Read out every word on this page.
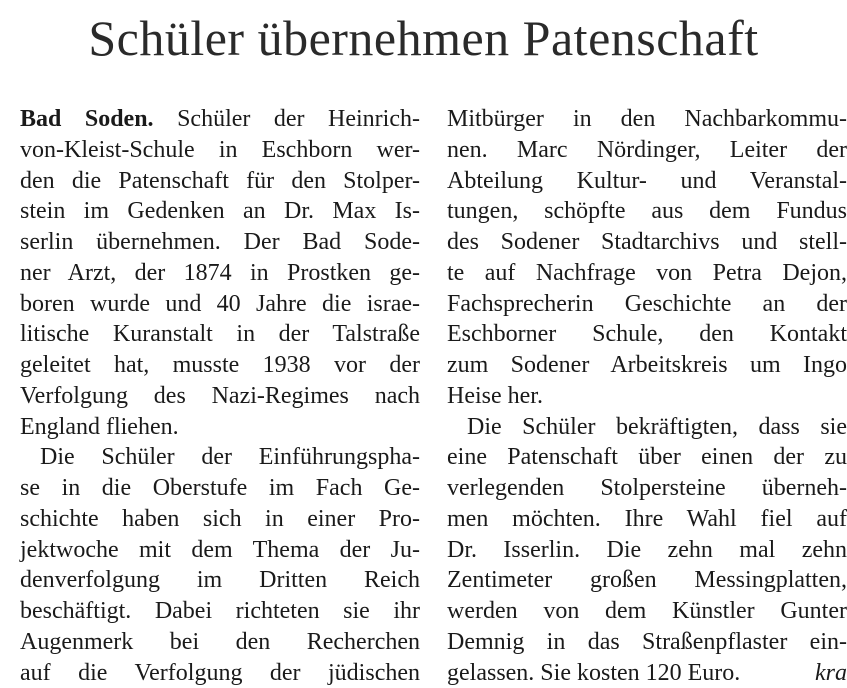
Schüler übernehmen Patenschaft
Bad Soden. Schüler der Heinrich-
von-Kleist-Schule in Eschborn wer-
den die Patenschaft für den Stolper-
stein im Gedenken an Dr. Max Is-
serlin übernehmen. Der Bad Sode-
ner Arzt, der 1874 in Prostken ge-
boren wurde und 40 Jahre die israe-
litische Kuranstalt in der Talstraße
geleitet hat, musste 1938 vor der
Verfolgung des Nazi-Regimes nach
England fliehen.
Die Schüler der Einführungspha-
se in die Oberstufe im Fach Ge-
schichte haben sich in einer Pro-
jektwoche mit dem Thema der Ju-
denverfolgung im Dritten Reich
beschäftigt. Dabei richteten sie ihr
Augenmerk bei den Recherchen
auf die Verfolgung der jüdischen
Mitbürger in den Nachbarkommu-
nen. Marc Nördinger, Leiter der
Abteilung Kultur- und Veranstal-
tungen, schöpfte aus dem Fundus
des Sodener Stadtarchivs und stell-
te auf Nachfrage von Petra Dejon,
Fachsprecherin Geschichte an der
Eschborner Schule, den Kontakt
zum Sodener Arbeitskreis um Ingo
Heise her.
Die Schüler bekräftigten, dass sie
eine Patenschaft über einen der zu
verlegenden Stolpersteine überneh-
men möchten. Ihre Wahl fiel auf
Dr. Isserlin. Die zehn mal zehn
Zentimeter großen Messingplatten,
werden von dem Künstler Gunter
Demnig in das Straßenpflaster ein-
gelassen. Sie kosten 120 Euro.	kra
